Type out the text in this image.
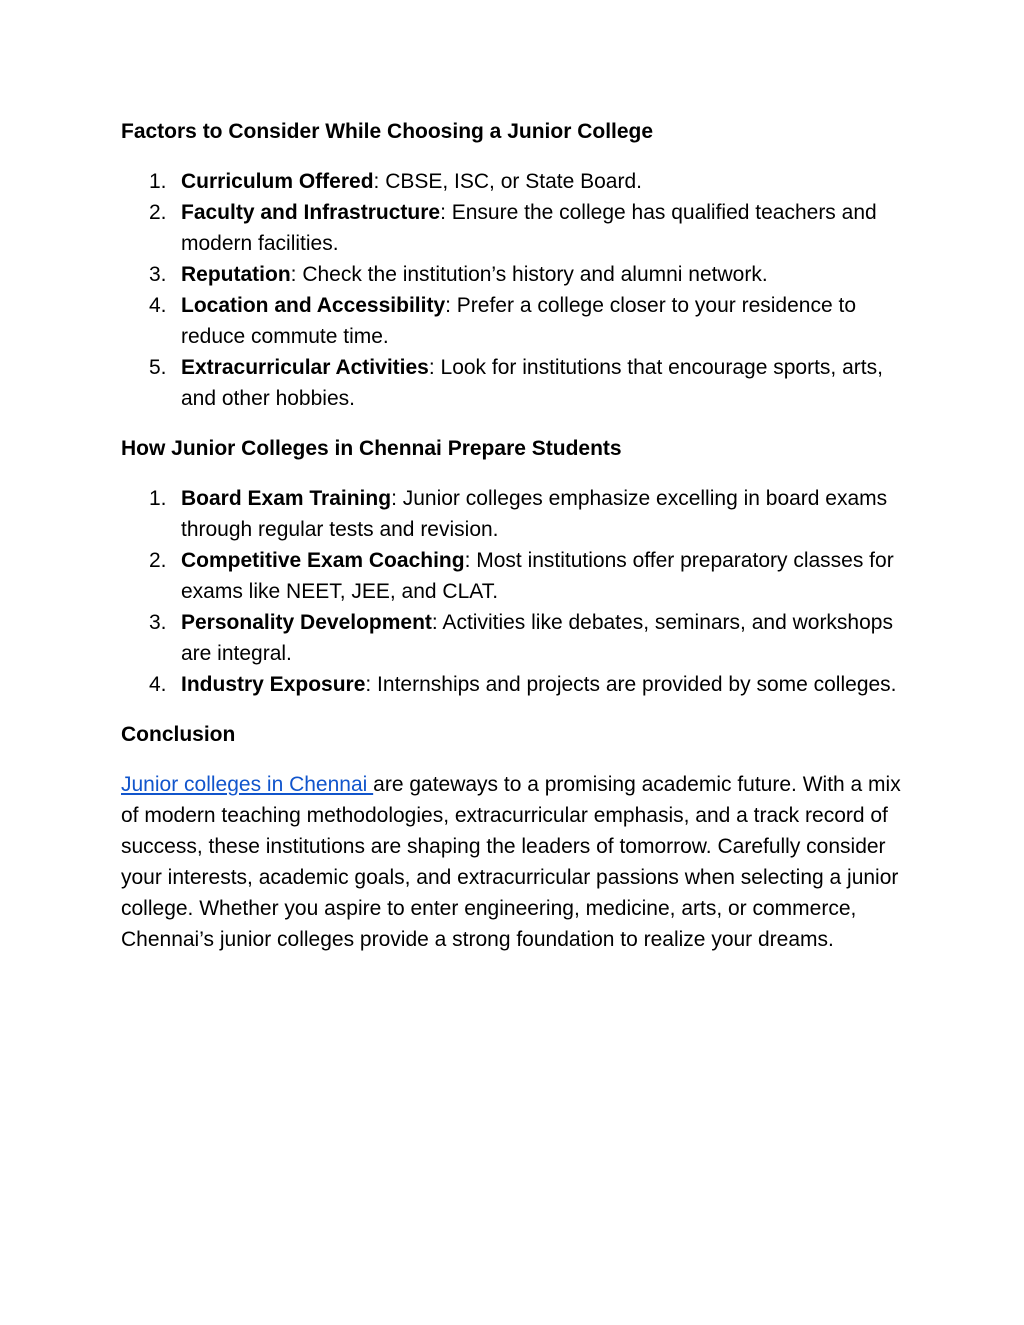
Factors to Consider While Choosing a Junior College
1. Curriculum Offered: CBSE, ISC, or State Board.
2. Faculty and Infrastructure: Ensure the college has qualified teachers and modern facilities.
3. Reputation: Check the institution’s history and alumni network.
4. Location and Accessibility: Prefer a college closer to your residence to reduce commute time.
5. Extracurricular Activities: Look for institutions that encourage sports, arts, and other hobbies.
How Junior Colleges in Chennai Prepare Students
1. Board Exam Training: Junior colleges emphasize excelling in board exams through regular tests and revision.
2. Competitive Exam Coaching: Most institutions offer preparatory classes for exams like NEET, JEE, and CLAT.
3. Personality Development: Activities like debates, seminars, and workshops are integral.
4. Industry Exposure: Internships and projects are provided by some colleges.
Conclusion

Junior colleges in Chennai are gateways to a promising academic future. With a mix of modern teaching methodologies, extracurricular emphasis, and a track record of success, these institutions are shaping the leaders of tomorrow. Carefully consider your interests, academic goals, and extracurricular passions when selecting a junior college. Whether you aspire to enter engineering, medicine, arts, or commerce, Chennai’s junior colleges provide a strong foundation to realize your dreams.
